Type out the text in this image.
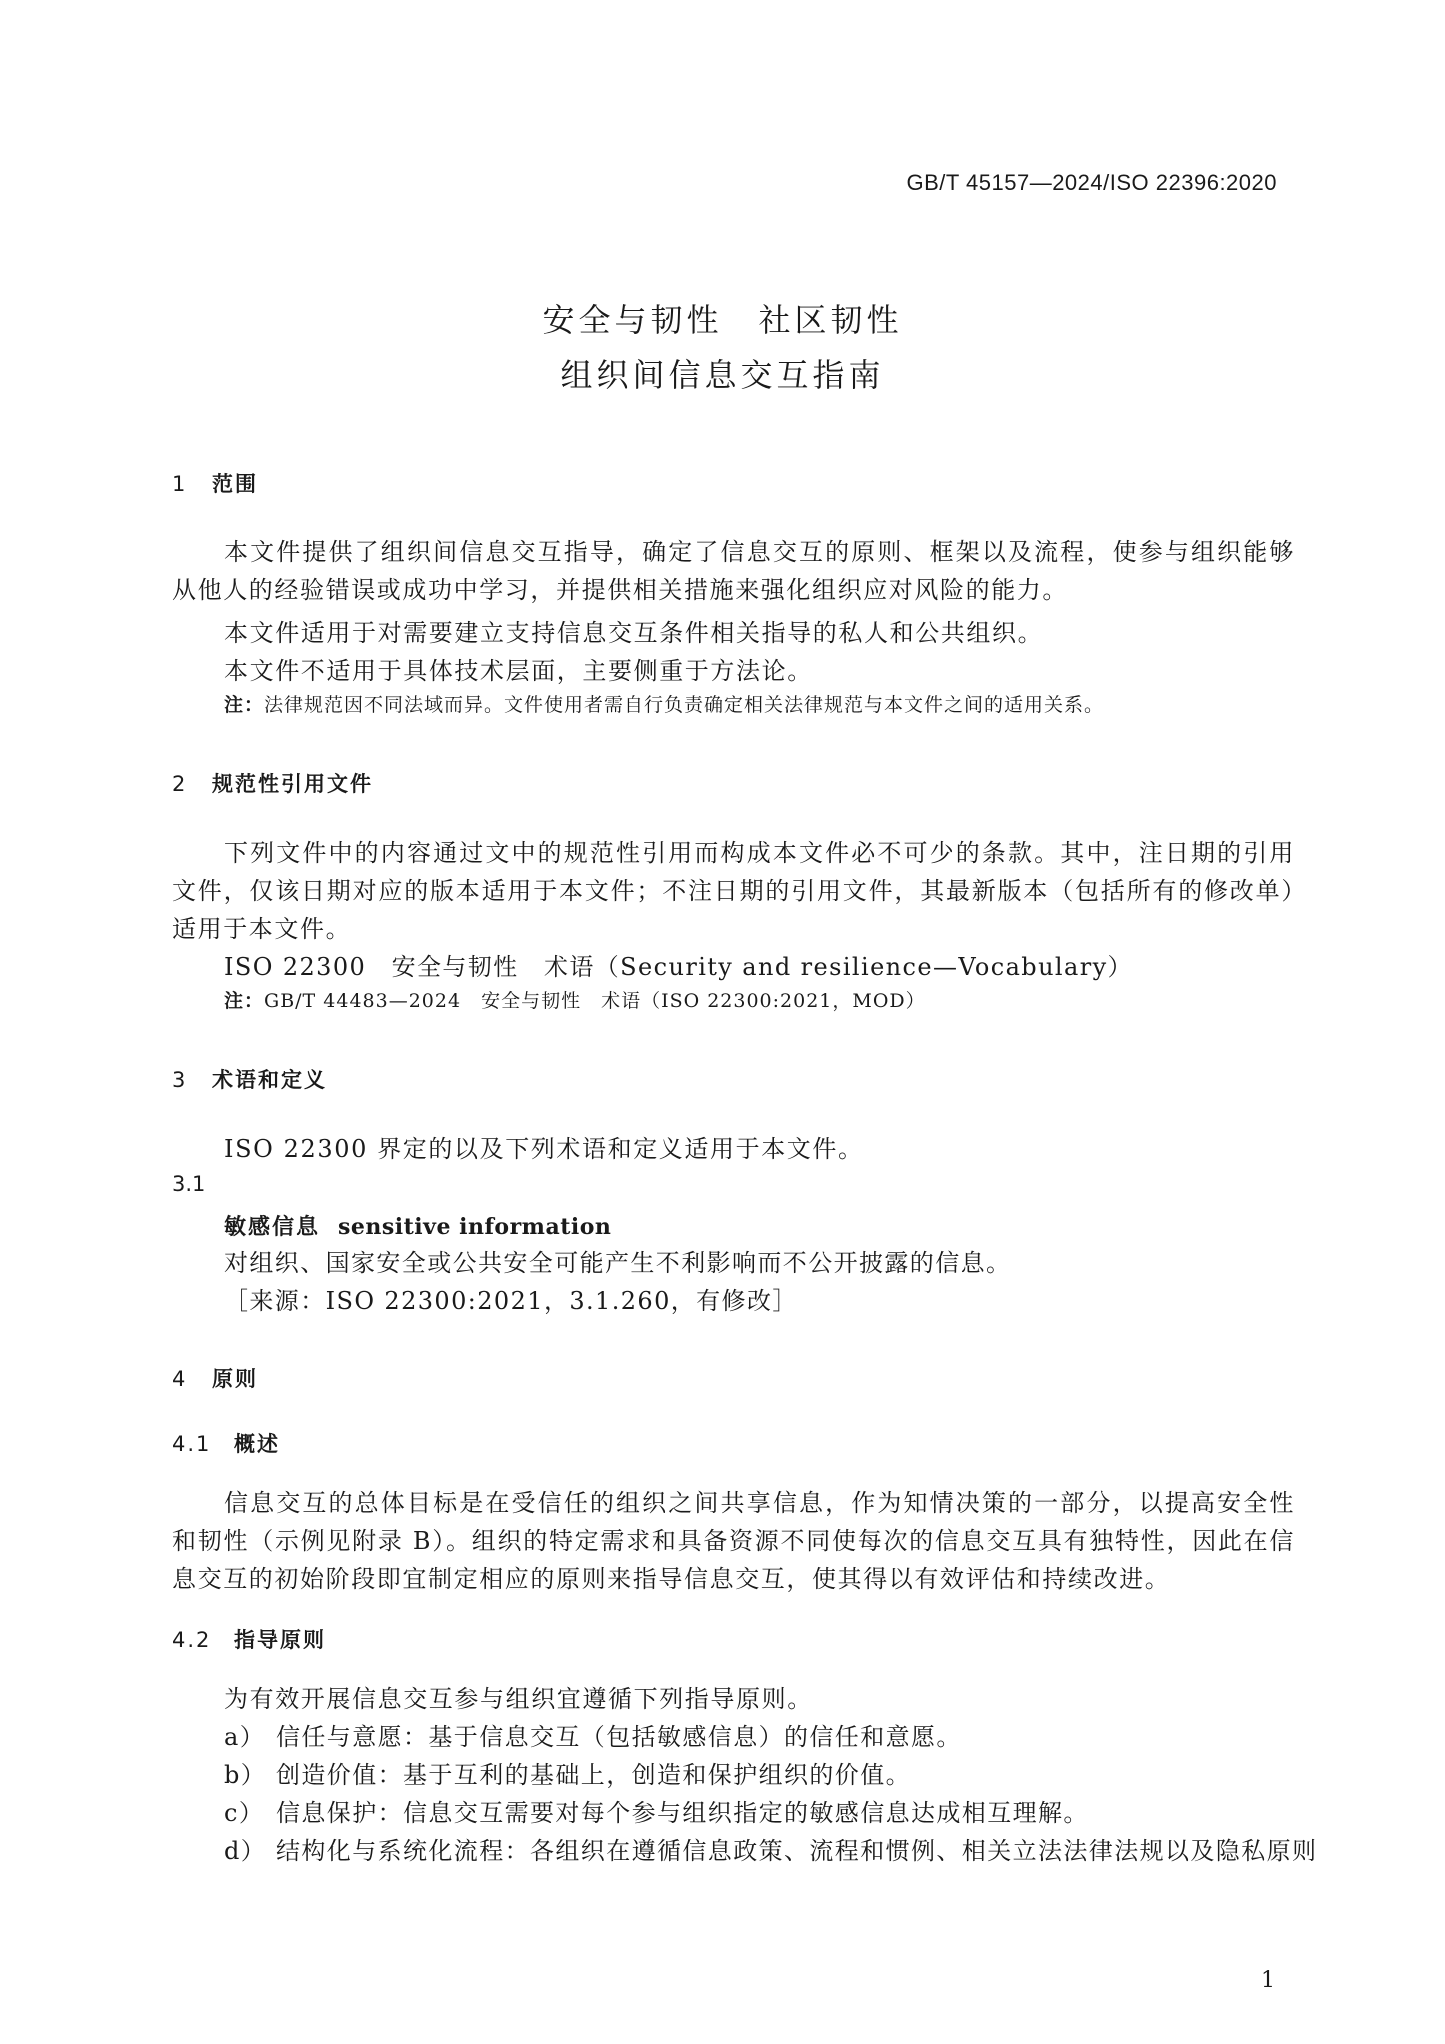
GB/T 45157—2024/ISO 22396:2020
安全与韧性　社区韧性
组织间信息交互指南
1 范围
本文件提供了组织间信息交互指导，确定了信息交互的原则、框架以及流程，使参与组织能够从他人的经验错误或成功中学习，并提供相关措施来强化组织应对风险的能力。
本文件适用于对需要建立支持信息交互条件相关指导的私人和公共组织。
本文件不适用于具体技术层面，主要侧重于方法论。
注：法律规范因不同法域而异。文件使用者需自行负责确定相关法律规范与本文件之间的适用关系。
2 规范性引用文件
下列文件中的内容通过文中的规范性引用而构成本文件必不可少的条款。其中，注日期的引用文件，仅该日期对应的版本适用于本文件；不注日期的引用文件，其最新版本（包括所有的修改单）适用于本文件。
ISO 22300　安全与韧性　术语（Security and resilience—Vocabulary）
注：GB/T 44483—2024　安全与韧性　术语（ISO 22300:2021，MOD）
3 术语和定义
ISO 22300 界定的以及下列术语和定义适用于本文件。
3.1
敏感信息 sensitive information
对组织、国家安全或公共安全可能产生不利影响而不公开披露的信息。
［来源：ISO 22300:2021，3.1.260，有修改］
4 原则
4.1 概述
信息交互的总体目标是在受信任的组织之间共享信息，作为知情决策的一部分，以提高安全性和韧性（示例见附录 B）。组织的特定需求和具备资源不同使每次的信息交互具有独特性，因此在信息交互的初始阶段即宜制定相应的原则来指导信息交互，使其得以有效评估和持续改进。
4.2 指导原则
为有效开展信息交互参与组织宜遵循下列指导原则。
a） 信任与意愿：基于信息交互（包括敏感信息）的信任和意愿。
b） 创造价值：基于互利的基础上，创造和保护组织的价值。
c） 信息保护：信息交互需要对每个参与组织指定的敏感信息达成相互理解。
d） 结构化与系统化流程：各组织在遵循信息政策、流程和惯例、相关立法法律法规以及隐私原则
1
